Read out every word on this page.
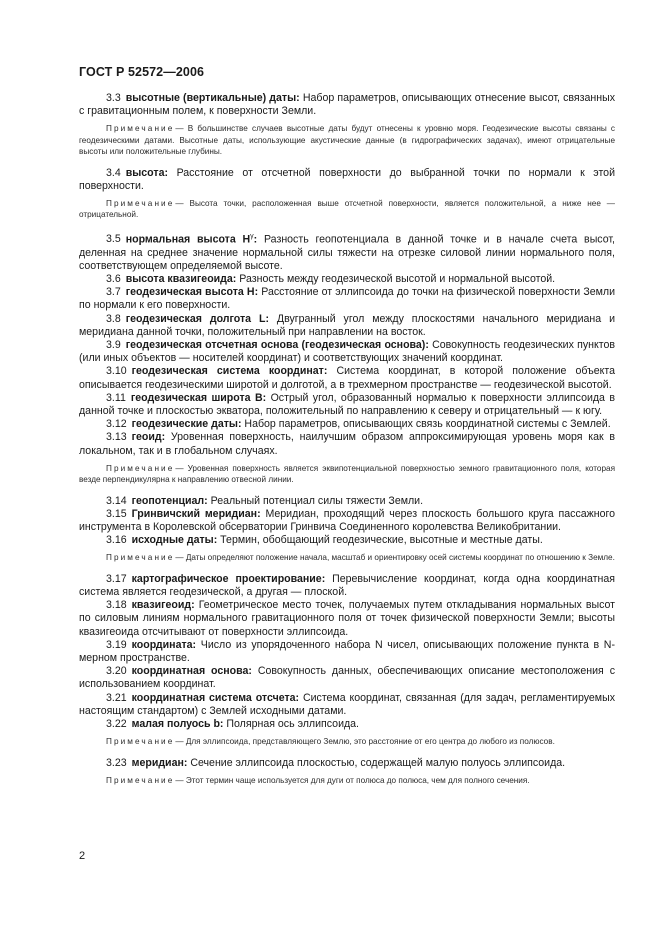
ГОСТ Р 52572—2006

3.3 высотные (вертикальные) даты: Набор параметров, описывающих отнесение высот, связанных с гравитационным полем, к поверхности Земли.

Примечание— В большинстве случаев высотные даты будут отнесены к уровню моря. Геодезические высоты связаны с геодезическими датами. Высотные даты, использующие акустические данные (в гидрографических задачах), имеют отрицательные высоты или положительные глубины.

3.4 высота: Расстояние от отсчетной поверхности до выбранной точки по нормали к этой поверхности.

Примечание— Высота точки, расположенная выше отсчетной поверхности, является положительной, а ниже нее — отрицательной.

3.5 нормальная высота $H^\gamma$: Разность геопотенциала в данной точке и в начале счета высот, деленная на среднее значение нормальной силы тяжести на отрезке силовой линии нормального поля, соответствующем определяемой высоте.

3.6 высота квазигеоида: Разность между геодезической высотой и нормальной высотой.

3.7 геодезическая высота H: Расстояние от эллипсоида до точки на физической поверхности Земли по нормали к его поверхности.

3.8 геодезическая долгота L: Двугранный угол между плоскостями начального меридиана и меридиана данной точки, положительный при направлении на восток.

3.9 геодезическая отсчетная основа (геодезическая основа): Совокупность геодезических пунктов (или иных объектов — носителей координат) и соответствующих значений координат.

3.10 геодезическая система координат: Система координат, в которой положение объекта описывается геодезическими широтой и долготой, а в трехмерном пространстве — геодезической высотой.

3.11 геодезическая широта B: Острый угол, образованный нормалью к поверхности эллипсоида в данной точке и плоскостью экватора, положительный по направлению к северу и отрицательный — к югу.

3.12 геодезические даты: Набор параметров, описывающих связь координатной системы с Землей.

3.13 геоид: Уровенная поверхность, наилучшим образом аппроксимирующая уровень моря как в локальном, так и в глобальном случаях.

Примечание— Уровенная поверхность является эквипотенциальной поверхностью земного гравитационного поля, которая везде перпендикулярна к направлению отвесной линии.

3.14 геопотенциал: Реальный потенциал силы тяжести Земли.

3.15 Гринвичский меридиан: Меридиан, проходящий через плоскость большого круга пассажного инструмента в Королевской обсерватории Гринвича Соединенного королевства Великобритании.

3.16 исходные даты: Термин, обобщающий геодезические, высотные и местные даты.

Примечание— Даты определяют положение начала, масштаб и ориентировку осей системы координат по отношению к Земле.

3.17 картографическое проектирование: Перевычисление координат, когда одна координатная система является геодезической, а другая — плоской.

3.18 квазигеоид: Геометрическое место точек, получаемых путем откладывания нормальных высот по силовым линиям нормального гравитационного поля от точек физической поверхности Земли; высоты квазигеоида отсчитывают от поверхности эллипсоида.

3.19 координата: Число из упорядоченного набора N чисел, описывающих положение пункта в N-мерном пространстве.

3.20 координатная основа: Совокупность данных, обеспечивающих описание местоположения с использованием координат.

3.21 координатная система отсчета: Система координат, связанная (для задач, регламентируемых настоящим стандартом) с Землей исходными датами.

3.22 малая полуось b: Полярная ось эллипсоида.

Примечание— Для эллипсоида, представляющего Землю, это расстояние от его центра до любого из полюсов.

3.23 меридиан: Сечение эллипсоида плоскостью, содержащей малую полуось эллипсоида.

Примечание— Этот термин чаще используется для дуги от полюса до полюса, чем для полного сечения.

2
